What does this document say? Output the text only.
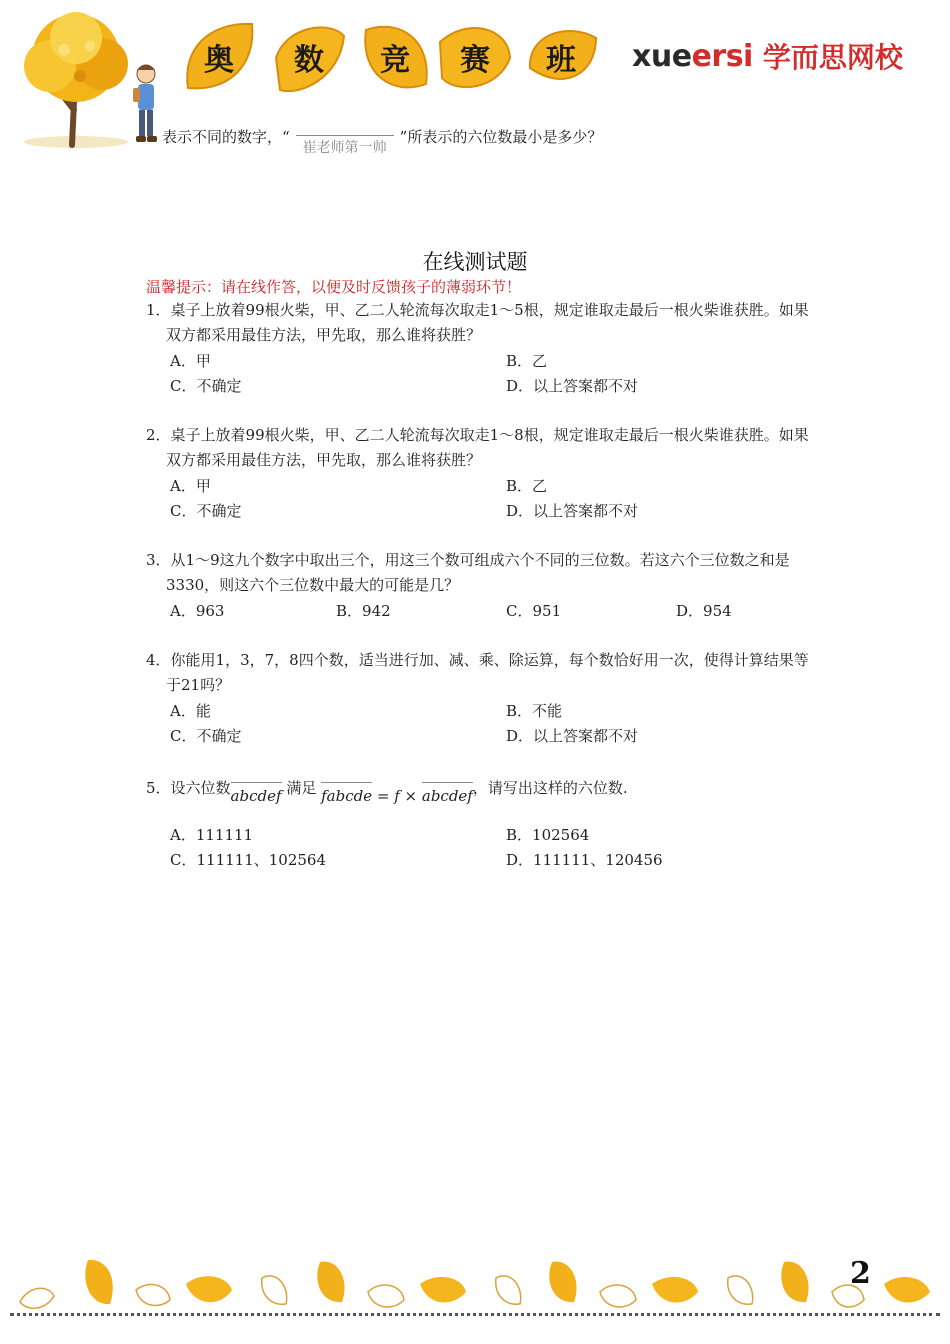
奥	数	竞	赛	班	xueersi 学而思网校
表示不同的数字，“
崔老师第一帅
”所表示的六位数最小是多少？
在线测试题
温馨提示：请在线作答，以便及时反馈孩子的薄弱环节！
1．桌子上放着99根火柴，甲、乙二人轮流每次取走1～5根，规定谁取走最后一根火柴谁获胜。如果双方都采用最佳方法，甲先取，那么谁将获胜？
A．甲	B．乙
C．不确定	D．以上答案都不对
2．桌子上放着99根火柴，甲、乙二人轮流每次取走1～8根，规定谁取走最后一根火柴谁获胜。如果双方都采用最佳方法，甲先取，那么谁将获胜？
A．甲	B．乙
C．不确定	D．以上答案都不对
3．从1～9这九个数字中取出三个，用这三个数可组成六个不同的三位数。若这六个三位数之和是3330，则这六个三位数中最大的可能是几？
A．963	B．942	C．951	D．954
4．你能用1，3，7，8四个数，适当进行加、减、乘、除运算，每个数恰好用一次，使得计算结果等于21吗？
A．能	B．不能
C．不确定	D．以上答案都不对
5．设六位数abcdef 满足 fabcde = f × abcdef，请写出这样的六位数.
A．111111	B．102564
C．111111、102564	D．111111、120456
2
